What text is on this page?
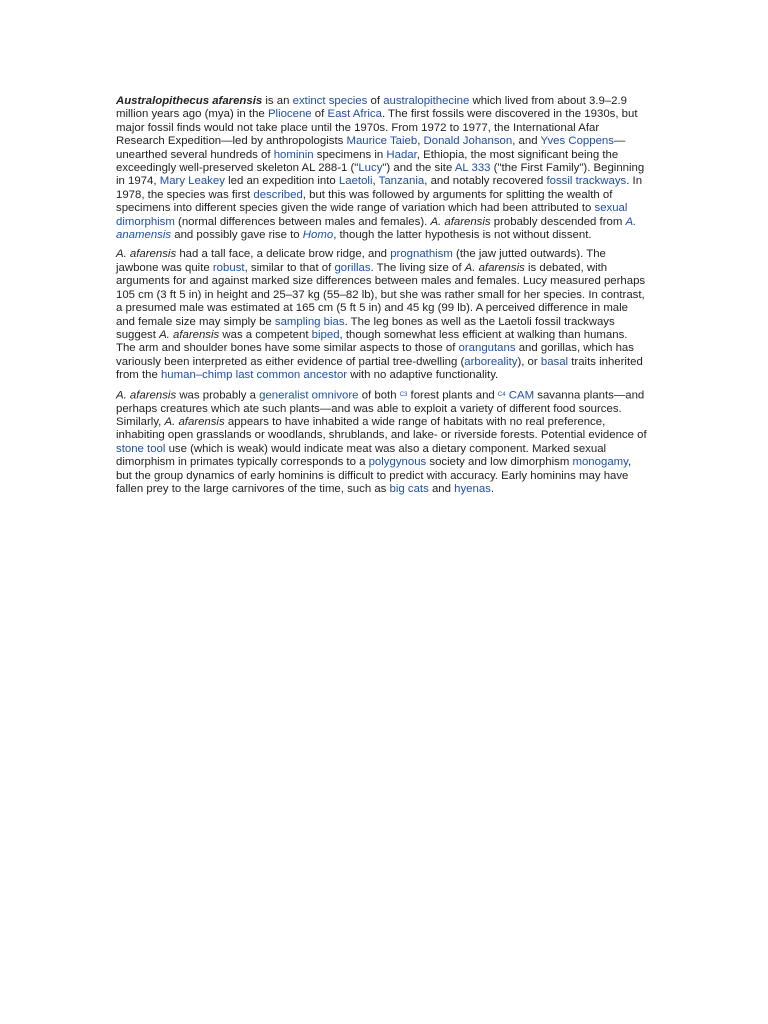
Australopithecus afarensis is an extinct species of australopithecine which lived from about 3.9–2.9 million years ago (mya) in the Pliocene of East Africa. The first fossils were discovered in the 1930s, but major fossil finds would not take place until the 1970s. From 1972 to 1977, the International Afar Research Expedition—led by anthropologists Maurice Taieb, Donald Johanson, and Yves Coppens—unearthed several hundreds of hominin specimens in Hadar, Ethiopia, the most significant being the exceedingly well-preserved skeleton AL 288-1 ("Lucy") and the site AL 333 ("the First Family"). Beginning in 1974, Mary Leakey led an expedition into Laetoli, Tanzania, and notably recovered fossil trackways. In 1978, the species was first described, but this was followed by arguments for splitting the wealth of specimens into different species given the wide range of variation which had been attributed to sexual dimorphism (normal differences between males and females). A. afarensis probably descended from A. anamensis and possibly gave rise to Homo, though the latter hypothesis is not without dissent.

A. afarensis had a tall face, a delicate brow ridge, and prognathism (the jaw jutted outwards). The jawbone was quite robust, similar to that of gorillas. The living size of A. afarensis is debated, with arguments for and against marked size differences between males and females. Lucy measured perhaps 105 cm (3 ft 5 in) in height and 25–37 kg (55–82 lb), but she was rather small for her species. In contrast, a presumed male was estimated at 165 cm (5 ft 5 in) and 45 kg (99 lb). A perceived difference in male and female size may simply be sampling bias. The leg bones as well as the Laetoli fossil trackways suggest A. afarensis was a competent biped, though somewhat less efficient at walking than humans. The arm and shoulder bones have some similar aspects to those of orangutans and gorillas, which has variously been interpreted as either evidence of partial tree-dwelling (arboreality), or basal traits inherited from the human–chimp last common ancestor with no adaptive functionality.

A. afarensis was probably a generalist omnivore of both C3 forest plants and C4 CAM savanna plants—and perhaps creatures which ate such plants—and was able to exploit a variety of different food sources. Similarly, A. afarensis appears to have inhabited a wide range of habitats with no real preference, inhabiting open grasslands or woodlands, shrublands, and lake- or riverside forests. Potential evidence of stone tool use (which is weak) would indicate meat was also a dietary component. Marked sexual dimorphism in primates typically corresponds to a polygynous society and low dimorphism monogamy, but the group dynamics of early hominins is difficult to predict with accuracy. Early hominins may have fallen prey to the large carnivores of the time, such as big cats and hyenas.
